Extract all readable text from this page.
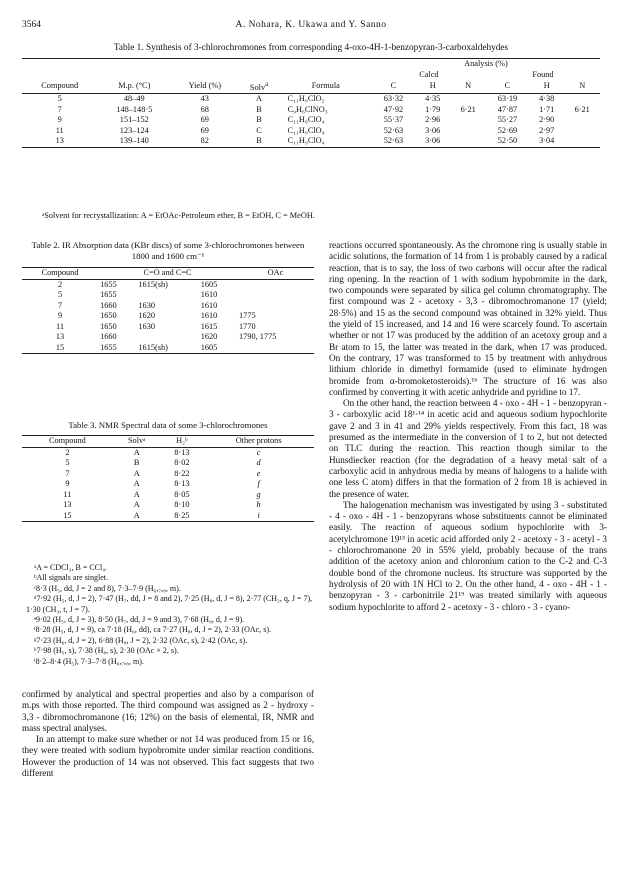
3564	A. Nohara, K. Ukawa and Y. Sanno
Table 1. Synthesis of 3-chlorochromones from corresponding 4-oxo-4H-1-benzopyran-3-carboxaldehydes
					Analysis (%)					
					Calcd			Found		
Compound	M.p. (°C)	Yield (%)	Solv$^a$	Formula	C	H	N	C	H	N
5	48–49	43	A	C₁₁H₉ClO₂	63·32	4·35		63·19	4·38	
7	148–148·5	68	B	C₉H₆ClNO₃	47·92	1·79	6·21	47·87	1·71	6·21
9	151–152	69	B	C₁₁H₉ClO₄	55·37	2·96		55·27	2·90	
11	123–124	69	C	C₁₁H₉ClO₄	52·63	3·06		52·69	2·97	
13	139–140	82	B	C₁₁H₉ClO₄	52·63	3·06		52·50	3·04	
ᵃSolvent for recrystallization: A = EtOAc-Petroleum ether, B = EtOH, C = MeOH.
Table 2. IR Absorption data (KBr discs) of some 3-chlorochromones between 1800 and 1600 cm⁻¹
Compound	C=O and C=C			OAc
2	1655	1615(sh)	1605	
5	1655		1610	
7	1660	1630	1610	
9	1650	1620	1610	1775
11	1650	1630	1615	1770
13	1660		1620	1790, 1775
15	1655	1615(sh)	1605	
Table 3. NMR Spectral data of some 3-chlorochromones
Compound	Solvᵃ	H₂ᵇ	Other protons
2	A	8·13	c
5	B	8·02	d
7	A	8·22	e
9	A	8·13	f
11	A	8·05	g
13	A	8·10	h
15	A	8·25	i

ᵃA = CDCl₃, B = CCl₄.

ᵇAll signals are singlet.

ᶜ8·3 (H₅, dd, J = 2 and 8), 7·3–7·9 (H₆,₇,₈, m).

ᵈ7·92 (H₅, d, J = 2), 7·47 (H₇, dd, J = 8 and 2), 7·25 (H₈, d, J = 8), 2·77 (CH₂, q, J = 7), 1·30 (CH₃, t, J = 7).

ᵉ9·02 (H₅, d, J = 3), 8·50 (H₇, dd, J = 9 and 3), 7·68 (H₈, d, J = 9).

ᶠ8·28 (H₅, d, J = 9), ca 7·18 (H₆, dd), ca 7·27 (H₈, d, J = 2), 2·33 (OAc, s).

ᵍ7·23 (H₆, d, J = 2), 6·88 (H₈, J = 2), 2·32 (OAc, s), 2·42 (OAc, s).

ʰ7·98 (H₅, s), 7·38 (H₈, s), 2·30 (OAc × 2, s).

ⁱ8·2–8·4 (H₅), 7·3–7·8 (H₆,₇,₈, m).

confirmed by analytical and spectral properties and also by a comparison of m.ps with those reported. The third compound was assigned as 2 - hydroxy - 3,3 - dibromochromanone (16; 12%) on the basis of elemental, IR, NMR and mass spectral analyses.

In an attempt to make sure whether or not 14 was produced from 15 or 16, they were treated with sodium hypobromite under similar reaction conditions. However the production of 14 was not observed. This fact suggests that two different

reactions occurred spontaneously. As the chromone ring is usually stable in acidic solutions, the formation of 14 from 1 is probably caused by a radical reaction, that is to say, the loss of two carbons will occur after the radical ring opening. In the reaction of 1 with sodium hypobromite in the dark, two compounds were separated by silica gel column chromatography. The first compound was 2 - acetoxy - 3,3 - dibromochromanone 17 (yield; 28·5%) and 15 as the second compound was obtained in 32% yield. Thus the yield of 15 increased, and 14 and 16 were scarcely found. To ascertain whether or not 17 was produced by the addition of an acetoxy group and a Br atom to 15, the latter was treated in the dark, when 17 was produced. On the contrary, 17 was transformed to 15 by treatment with anhydrous lithium chloride in dimethyl formamide (used to eliminate hydrogen bromide from α-bromoketosteroids).¹⁶ The structure of 16 was also confirmed by converting it with acetic anhydride and pyridine to 17.

On the other hand, the reaction between 4 - oxo - 4H - 1 - benzopyran - 3 - carboxylic acid 18¹·¹⁴ in acetic acid and aqueous sodium hypochlorite gave 2 and 3 in 41 and 29% yields respectively. From this fact, 18 was presumed as the intermediate in the conversion of 1 to 2, but not detected on TLC during the reaction. This reaction though similar to the Hunsdiecker reaction (for the degradation of a heavy metal salt of a carboxylic acid in anhydrous media by means of halogens to a halide with one less C atom) differs in that the formation of 2 from 18 is achieved in the presence of water.

The halogenation mechanism was investigated by using 3 - substituted - 4 - oxo - 4H - 1 - benzopyrans whose substituents cannot be eliminated easily. The reaction of aqueous sodium hypochlorite with 3-acetylchromone 19¹³ in acetic acid afforded only 2 - acetoxy - 3 - acetyl - 3 - chlorochromanone 20 in 55% yield, probably because of the trans addition of the acetoxy anion and chloronium cation to the C-2 and C-3 double bond of the chromone nucleus. Its structure was supported by the hydrolysis of 20 with 1N HCl to 2. On the other hand, 4 - oxo - 4H - 1 - benzopyran - 3 - carbonitrile 21¹⁹ was treated similarly with aqueous sodium hypochlorite to afford 2 - acetoxy - 3 - chloro - 3 - cyano-
